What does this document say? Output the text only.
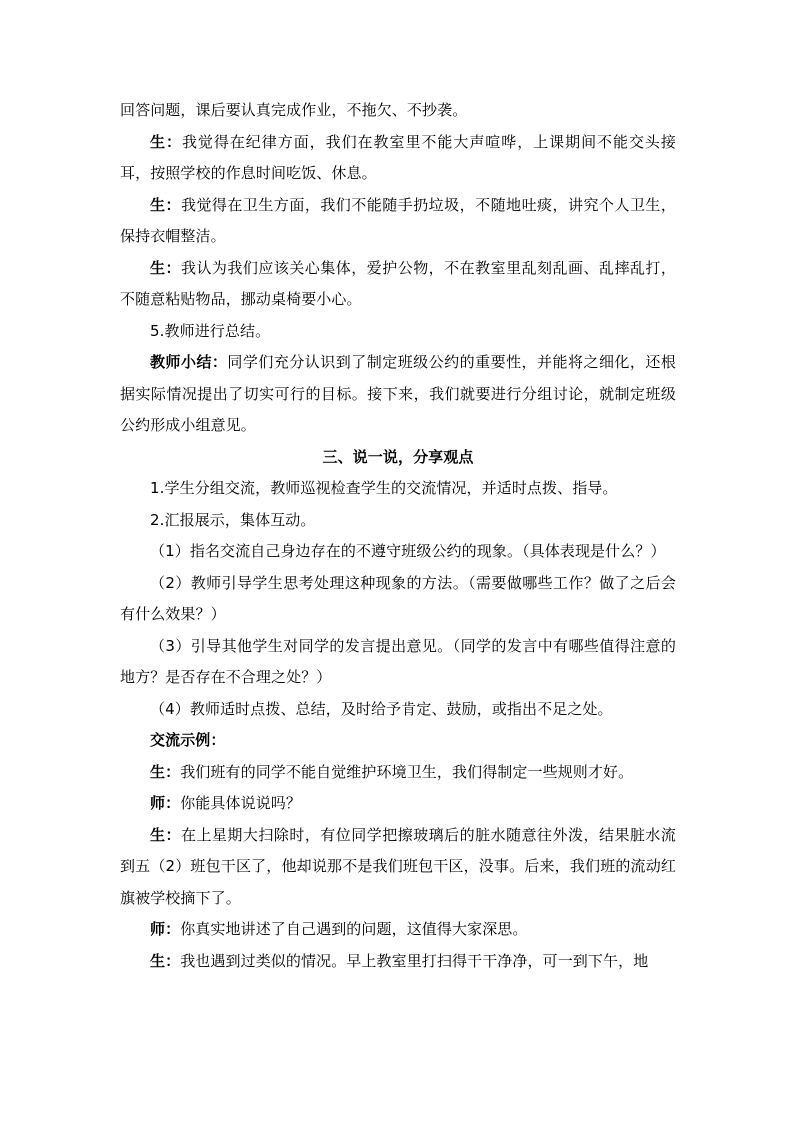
回答问题，课后要认真完成作业，不拖欠、不抄袭。

生：我觉得在纪律方面，我们在教室里不能大声喧哗，上课期间不能交头接耳，按照学校的作息时间吃饭、休息。

生：我觉得在卫生方面，我们不能随手扔垃圾，不随地吐痰，讲究个人卫生，保持衣帽整洁。

生：我认为我们应该关心集体，爱护公物，不在教室里乱刻乱画、乱摔乱打，不随意粘贴物品，挪动桌椅要小心。

5.教师进行总结。

教师小结：同学们充分认识到了制定班级公约的重要性，并能将之细化，还根据实际情况提出了切实可行的目标。接下来，我们就要进行分组讨论，就制定班级公约形成小组意见。

三、说一说，分享观点

1.学生分组交流，教师巡视检查学生的交流情况，并适时点拨、指导。

2.汇报展示，集体互动。

（1）指名交流自己身边存在的不遵守班级公约的现象。（具体表现是什么？）

（2）教师引导学生思考处理这种现象的方法。（需要做哪些工作？做了之后会有什么效果？）

（3）引导其他学生对同学的发言提出意见。（同学的发言中有哪些值得注意的地方？是否存在不合理之处？）

（4）教师适时点拨、总结，及时给予肯定、鼓励，或指出不足之处。

交流示例：

生：我们班有的同学不能自觉维护环境卫生，我们得制定一些规则才好。

师：你能具体说说吗？

生：在上星期大扫除时，有位同学把擦玻璃后的脏水随意往外泼，结果脏水流到五（2）班包干区了，他却说那不是我们班包干区，没事。后来，我们班的流动红旗被学校摘下了。

师：你真实地讲述了自己遇到的问题，这值得大家深思。

生：我也遇到过类似的情况。早上教室里打扫得干干净净，可一到下午，地
